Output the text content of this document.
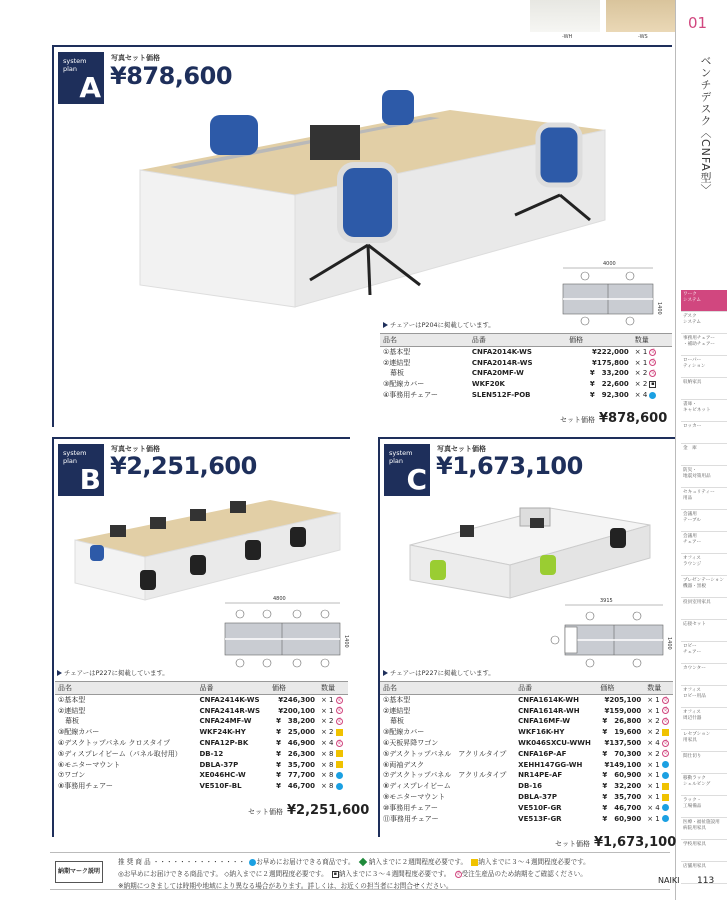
-WH	-WS
01
ベンチデスク〈CNFA型〉
ワーク
システム
デスク
システム
事務用チェアー
・補助チェアー
ローパー
ティション
収納家具
書庫・
キャビネット
ロッカー
金　庫
防災・
地震対策用品
セキュリティー
用品
会議用
テーブル
会議用
チェアー
オフィス
ラウンジ
プレゼンテーション
機器・黒板
役員室用家具
応接セット
ロビー
チェアー
カウンター
オフィス
ロビー用品
オフィス
周辺什器
レセプション
用家具
間仕切り
移動ラック
シェルビング
ラック・
工場備品
医療・福祉施設用
病院用家具
学校用家具
店舗用家具
system
plan
A
写真セット価格
¥878,600
4000
1400
チェアーはP204に掲載しています。
品名	品番	価格	数量
①基本型	CNFA2014K-WS	¥222,000	× 1 受
②連結型	CNFA2014R-WS	¥175,800	× 1 受
　幕板	CNFA20MF-W	¥　33,200	× 2 受
③配線カバー	WKF20K	¥　22,600	× 2 ▪
④事務用チェアー	SLEN512F-POB	¥　92,300	× 4
セット価格 ¥878,600
system
plan
B
写真セット価格
¥2,251,600
4800
1400
チェアーはP227に掲載しています。
品名	品番	価格	数量
①基本型	CNFA2414K-WS	¥246,300	× 1 受
②連結型	CNFA2414R-WS	¥200,100	× 1 受
　幕板	CNFA24MF-W	¥　38,200	× 2 受
③配線カバー	WKF24K-HY	¥　25,000	× 2
④デスクトップパネル クロスタイプ	CNFA12P-BK	¥　46,900	× 4 受
⑤ディスプレイビーム（パネル取付用）	DB-12	¥　26,300	× 8
⑥モニターマウント	DBLA-37P	¥　35,700	× 8
⑦ワゴン	XE046HC-W	¥　77,700	× 8
⑧事務用チェアー	VE510F-BL	¥　46,700	× 8
セット価格 ¥2,251,600
system
plan
C
写真セット価格
¥1,673,100
3915
1400
チェアーはP227に掲載しています。
品名	品番	価格	数量
①基本型	CNFA1614K-WH	¥205,100	× 1 受
②連結型	CNFA1614R-WH	¥159,000	× 1 受
　幕板	CNFA16MF-W	¥　26,800	× 2 受
③配線カバー	WKF16K-HY	¥　19,600	× 2
④天板昇降ワゴン	WK046SXCU-WWH	¥137,500	× 4 受
⑤デスクトップパネル　アクリルタイプ	CNFA16P-AF	¥　70,300	× 2 受
⑥両袖デスク	XEHH147GG-WH	¥149,100	× 1
⑦デスクトップパネル　アクリルタイプ	NR14PE-AF	¥　60,900	× 1
⑧ディスプレイビーム	DB-16	¥　32,200	× 1
⑨モニターマウント	DBLA-37P	¥　35,700	× 1
⑩事務用チェアー	VE510F-GR	¥　46,700	× 4
⑪事務用チェアー	VE513F-GR	¥　60,900	× 1
セット価格 ¥1,673,100
納期マーク説明
推 奨 商 品 ・・・・・・・・・・・・・・ お早めにお届けできる商品です。 納入までに２週間程度必要です。 納入までに３〜４週間程度必要です。
◎お早めにお届けできる商品です。 ◇納入までに２週間程度必要です。 ▪ 納入までに３〜４週間程度必要です。 受受注生産品のため納期をご確認ください。
※納期につきましては時期や地域により異なる場合があります。詳しくは、お近くの担当者にお問合せください。
NAIKI 113
